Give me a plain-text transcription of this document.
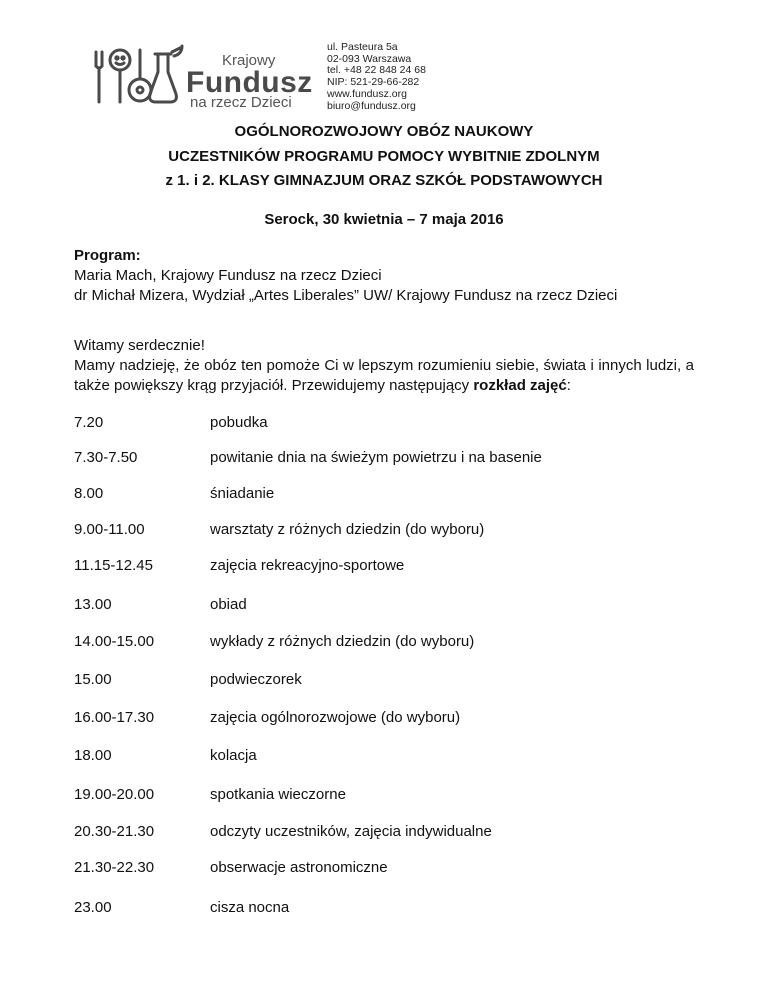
Krajowy
Fundusz
na rzecz Dzieci
ul. Pasteura 5a
02-093 Warszawa
tel. +48 22 848 24 68
NIP: 521-29-66-282
www.fundusz.org
biuro@fundusz.org
OGÓLNOROZWOJOWY OBÓZ NAUKOWY
UCZESTNIKÓW PROGRAMU POMOCY WYBITNIE ZDOLNYM
z 1. i 2. KLASY GIMNAZJUM ORAZ SZKÓŁ PODSTAWOWYCH
Serock, 30 kwietnia – 7 maja 2016
Program:
Maria Mach, Krajowy Fundusz na rzecz Dzieci
dr Michał Mizera, Wydział „Artes Liberales” UW/ Krajowy Fundusz na rzecz Dzieci
Witamy serdecznie!
Mamy nadzieję, że obóz ten pomoże Ci w lepszym rozumieniu siebie, świata i innych ludzi, a także powiększy krąg przyjaciół. Przewidujemy następujący rozkład zajęć:
7.20	pobudka
7.30-7.50	powitanie dnia na świeżym powietrzu i na basenie
8.00	śniadanie
9.00-11.00	warsztaty z różnych dziedzin (do wyboru)
11.15-12.45	zajęcia rekreacyjno-sportowe
13.00	obiad
14.00-15.00	wykłady z różnych dziedzin (do wyboru)
15.00	podwieczorek
16.00-17.30	zajęcia ogólnorozwojowe (do wyboru)
18.00	kolacja
19.00-20.00	spotkania wieczorne
20.30-21.30	odczyty uczestników, zajęcia indywidualne
21.30-22.30	obserwacje astronomiczne
23.00	cisza nocna
